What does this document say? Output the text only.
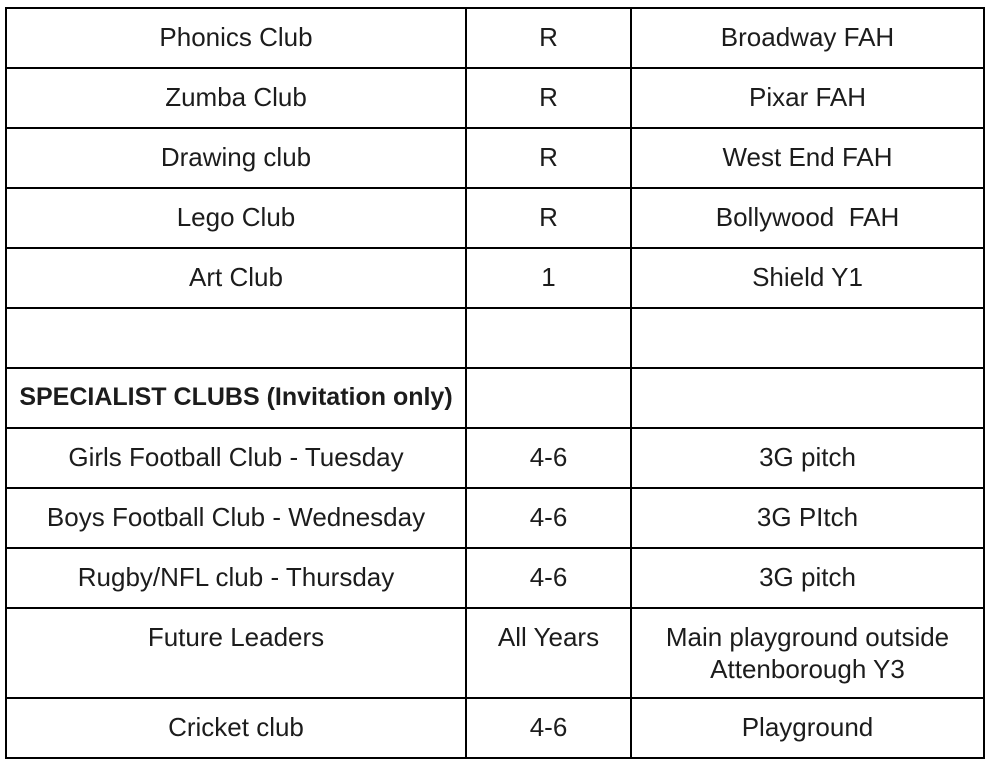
Phonics Club	R	Broadway FAH
Zumba Club	R	Pixar FAH
Drawing club	R	West End FAH
Lego Club	R	Bollywood  FAH
Art Club	1	Shield Y1

SPECIALIST CLUBS (Invitation only)		
Girls Football Club - Tuesday	4-6	3G pitch
Boys Football Club - Wednesday	4-6	3G PItch
Rugby/NFL club - Thursday	4-6	3G pitch
Future Leaders	All Years	Main playground outside Attenborough Y3
Cricket club	4-6	Playground
